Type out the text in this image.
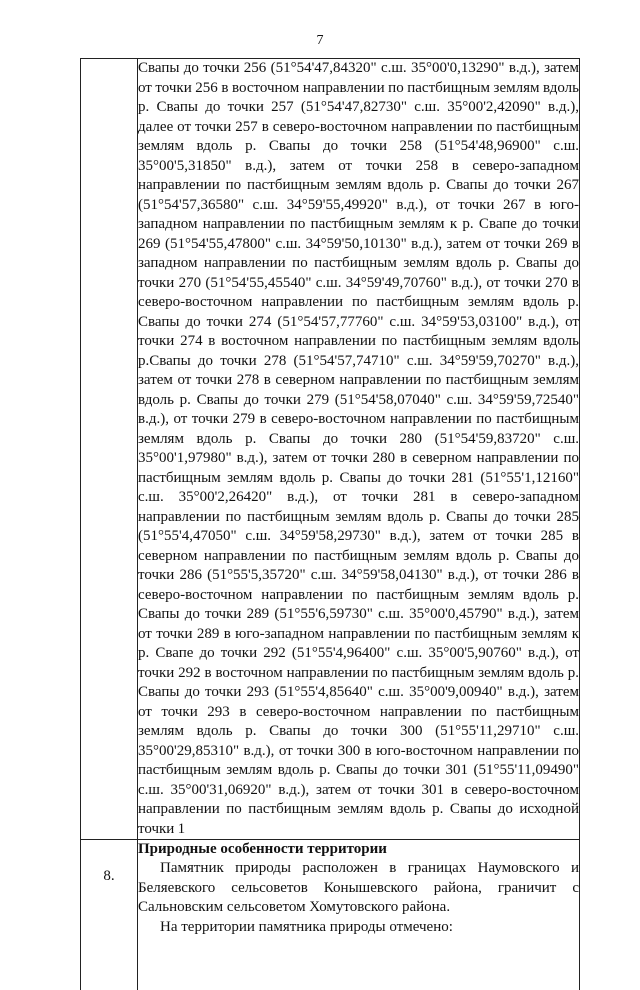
7

	Свапы до точки 256 (51°54'47,84320" с.ш. 35°00'0,13290" в.д.), затем от точки 256 в восточном направлении по пастбищным землям вдоль р. Свапы до точки 257 (51°54'47,82730" с.ш. 35°00'2,42090" в.д.), далее от точки 257 в северо-восточном направлении по пастбищным землям вдоль р. Свапы до точки 258 (51°54'48,96900" с.ш. 35°00'5,31850" в.д.), затем от точки 258 в северо-западном направлении по пастбищным землям вдоль р. Свапы до точки 267 (51°54'57,36580" с.ш. 34°59'55,49920" в.д.), от точки 267 в юго-западном направлении по пастбищным землям к р. Свапе до точки 269 (51°54'55,47800" с.ш. 34°59'50,10130" в.д.), затем от точки 269 в западном направлении по пастбищным землям вдоль р. Свапы до точки 270 (51°54'55,45540" с.ш. 34°59'49,70760" в.д.), от точки 270 в северо-восточном направлении по пастбищным землям вдоль р. Свапы до точки 274 (51°54'57,77760" с.ш. 34°59'53,03100" в.д.), от точки 274 в восточном направлении по пастбищным землям вдоль р.Свапы до точки 278 (51°54'57,74710" с.ш. 34°59'59,70270" в.д.), затем от точки 278 в северном направлении по пастбищным землям вдоль р. Свапы до точки 279 (51°54'58,07040" с.ш. 34°59'59,72540" в.д.), от точки 279 в северо-восточном направлении по пастбищным землям вдоль р. Свапы до точки 280 (51°54'59,83720" с.ш. 35°00'1,97980" в.д.), затем от точки 280 в северном направлении по пастбищным землям вдоль р. Свапы до точки 281 (51°55'1,12160" с.ш. 35°00'2,26420" в.д.), от точки 281 в северо-западном направлении по пастбищным землям вдоль р. Свапы до точки 285 (51°55'4,47050" с.ш. 34°59'58,29730" в.д.), затем от точки 285 в северном направлении по пастбищным землям вдоль р. Свапы до точки 286 (51°55'5,35720" с.ш. 34°59'58,04130" в.д.), от точки 286 в северо-восточном направлении по пастбищным землям вдоль р. Свапы до точки 289 (51°55'6,59730" с.ш. 35°00'0,45790" в.д.), затем от точки 289 в юго-западном направлении по пастбищным землям к р. Свапе до точки 292 (51°55'4,96400" с.ш. 35°00'5,90760" в.д.), от точки 292 в восточном направлении по пастбищным землям вдоль р. Свапы до точки 293 (51°55'4,85640" с.ш. 35°00'9,00940" в.д.), затем от точки 293 в северо-восточном направлении по пастбищным землям вдоль р. Свапы до точки 300 (51°55'11,29710" с.ш. 35°00'29,85310" в.д.), от точки 300 в юго-восточном направлении по пастбищным землям вдоль р. Свапы до точки 301 (51°55'11,09490" с.ш. 35°00'31,06920" в.д.), затем от точки 301 в северо-восточном направлении по пастбищным землям вдоль р. Свапы до исходной точки 1

8.	Природные особенности территории

Памятник природы расположен в границах Наумовского и Беляевского сельсоветов Конышевского района, граничит с Сальновским сельсоветом Хомутовского района.

На территории памятника природы отмечено:
